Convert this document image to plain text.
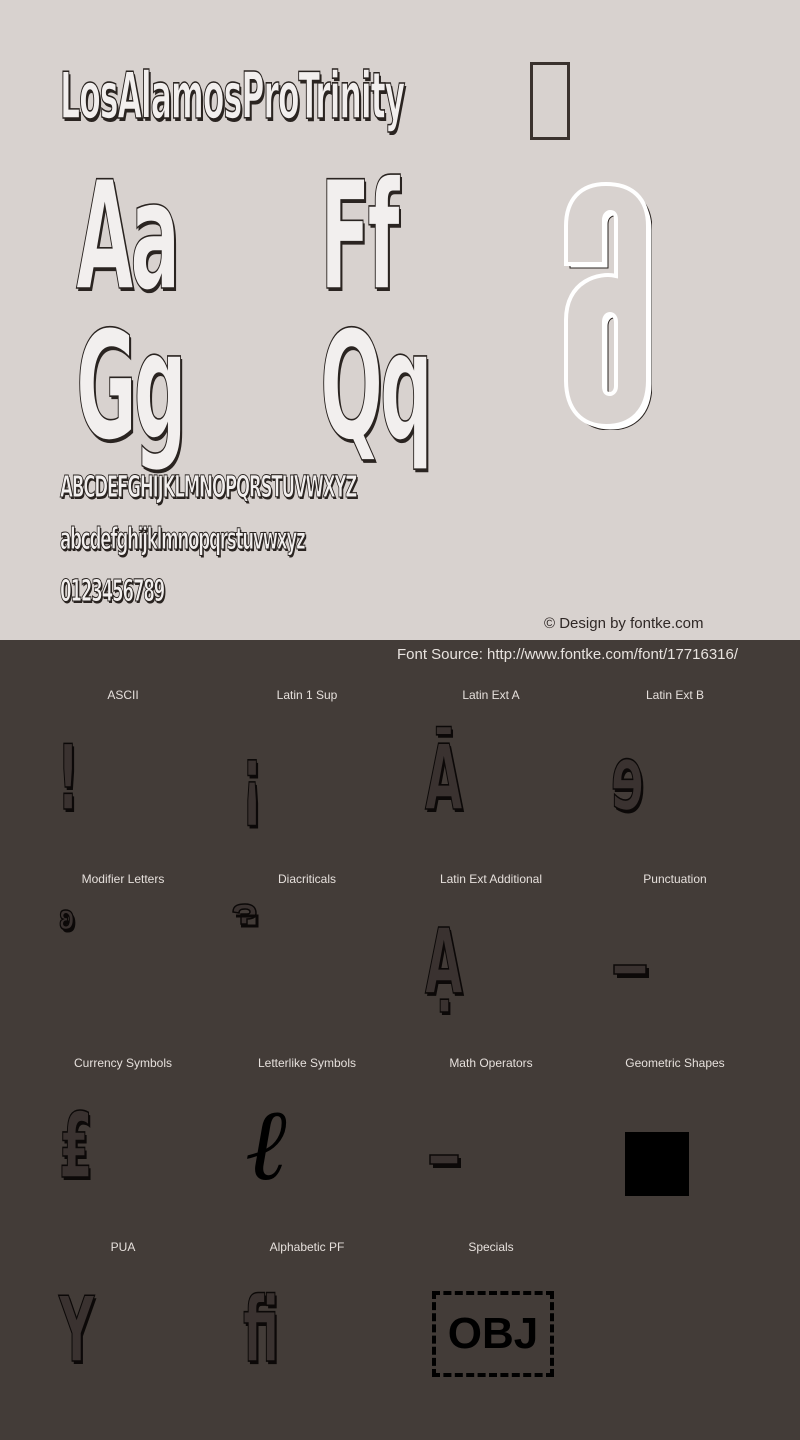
LosAlamosProTrinity
Aa Ff
Gg Qq
ABCDEFGHIJKLMNOPQRSTUVWXYZ
abcdefghijklmnopqrstuvwxyz
0123456789
© Design by fontke.com
Font Source: http://www.fontke.com/font/17716316/
ASCII
!
Latin 1 Sup
¡
Latin Ext A
Ā
Latin Ext B
ɘ
Modifier Letters
ʚ
Diacriticals	Latin Ext Additional
Ạ
Punctuation
Currency Symbols
₤
Letterlike Symbols
ℓ
Math Operators	Geometric Shapes
PUA
Y
Alphabetic PF
ﬁ
Specials
OBJ
